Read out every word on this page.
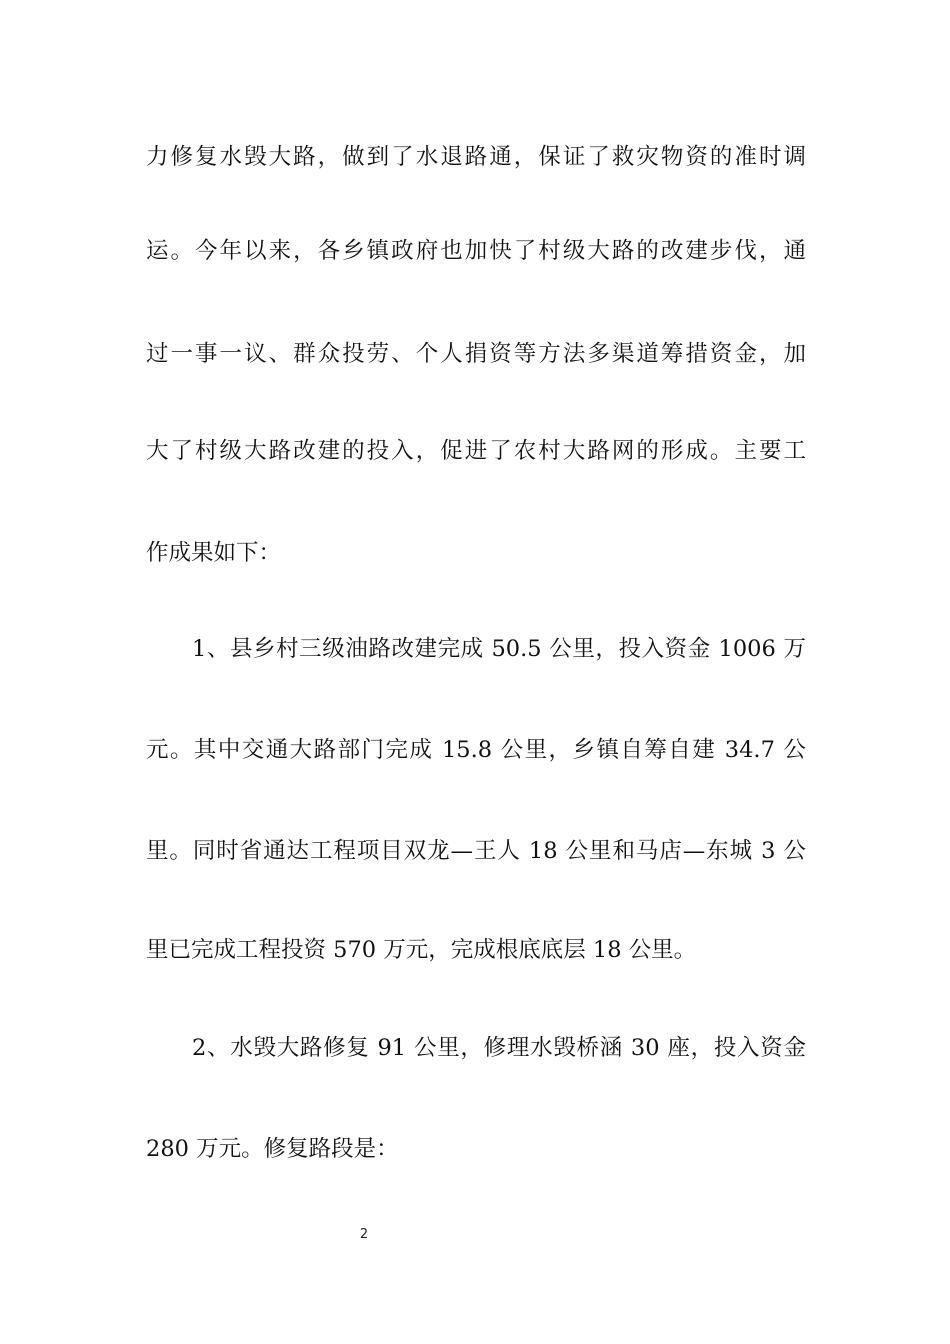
力修复水毁大路，做到了水退路通，保证了救灾物资的准时调
运。今年以来，各乡镇政府也加快了村级大路的改建步伐，通
过一事一议、群众投劳、个人捐资等方法多渠道筹措资金，加
大了村级大路改建的投入，促进了农村大路网的形成。主要工
作成果如下：
1、县乡村三级油路改建完成 50.5 公里，投入资金 1006 万
元。其中交通大路部门完成 15.8 公里，乡镇自筹自建 34.7 公
里。同时省通达工程项目双龙—王人 18 公里和马店—东城 3 公
里已完成工程投资 570 万元，完成根底底层 18 公里。
2、水毁大路修复 91 公里，修理水毁桥涵 30 座，投入资金
280 万元。修复路段是：
2
